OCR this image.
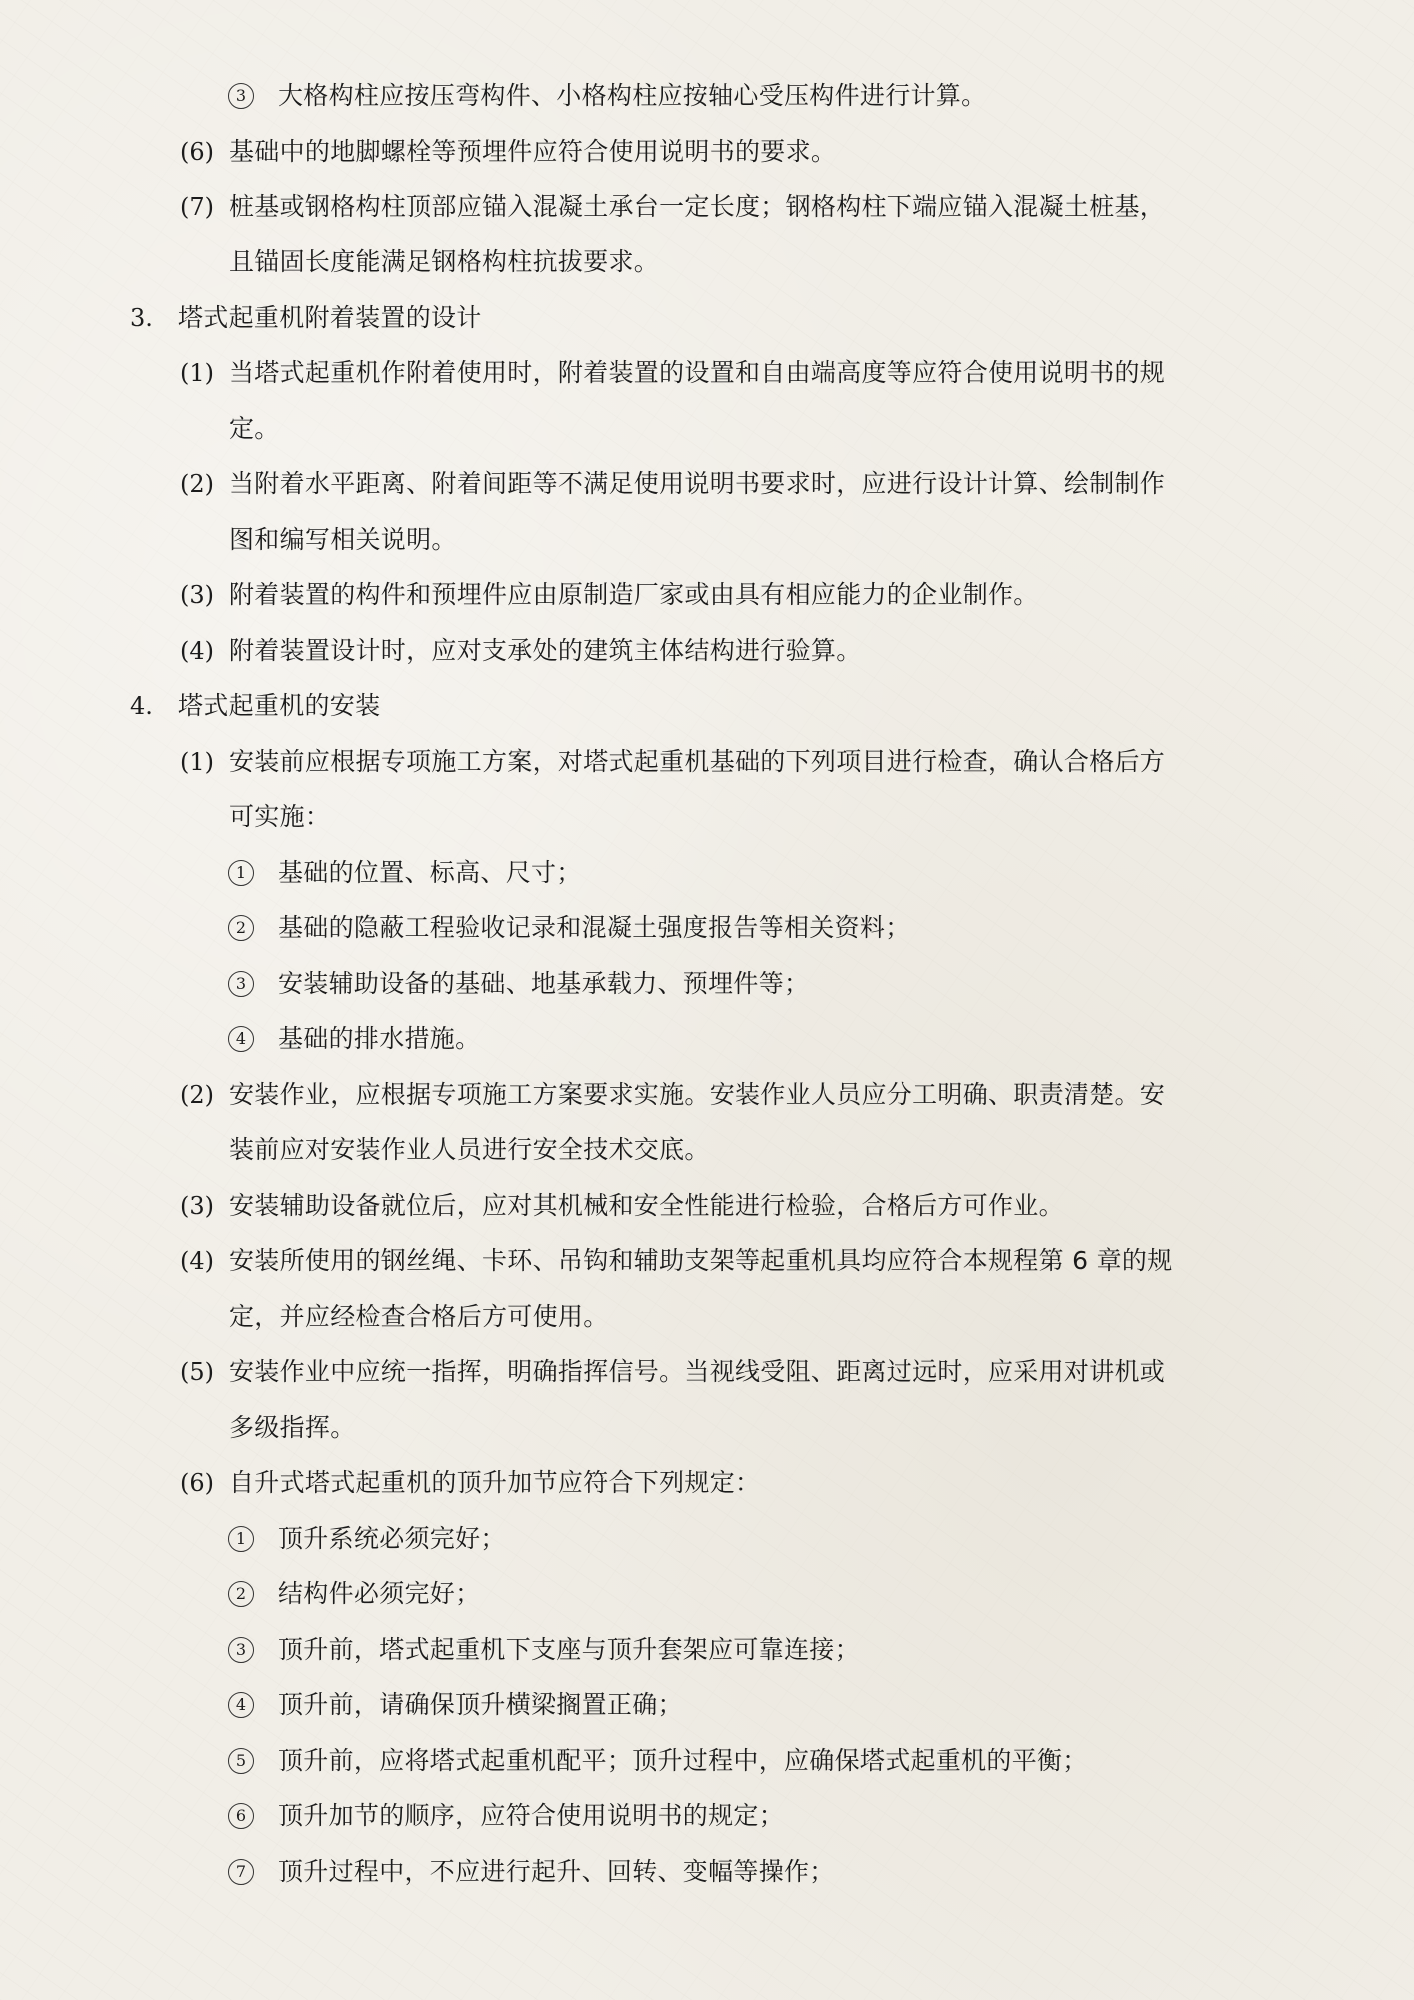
3	大格构柱应按压弯构件、小格构柱应按轴心受压构件进行计算。
(6) 基础中的地脚螺栓等预埋件应符合使用说明书的要求。
(7) 桩基或钢格构柱顶部应锚入混凝土承台一定长度；钢格构柱下端应锚入混凝土桩基，
且锚固长度能满足钢格构柱抗拔要求。
3. 塔式起重机附着装置的设计
(1) 当塔式起重机作附着使用时，附着装置的设置和自由端高度等应符合使用说明书的规
定。
(2) 当附着水平距离、附着间距等不满足使用说明书要求时，应进行设计计算、绘制制作
图和编写相关说明。
(3) 附着装置的构件和预埋件应由原制造厂家或由具有相应能力的企业制作。
(4) 附着装置设计时，应对支承处的建筑主体结构进行验算。
4. 塔式起重机的安装
(1) 安装前应根据专项施工方案，对塔式起重机基础的下列项目进行检查，确认合格后方
可实施：
1	基础的位置、标高、尺寸；
2	基础的隐蔽工程验收记录和混凝土强度报告等相关资料；
3	安装辅助设备的基础、地基承载力、预埋件等；
4	基础的排水措施。
(2) 安装作业，应根据专项施工方案要求实施。安装作业人员应分工明确、职责清楚。安
装前应对安装作业人员进行安全技术交底。
(3) 安装辅助设备就位后，应对其机械和安全性能进行检验，合格后方可作业。
(4) 安装所使用的钢丝绳、卡环、吊钩和辅助支架等起重机具均应符合本规程第 6 章的规
定，并应经检查合格后方可使用。
(5) 安装作业中应统一指挥，明确指挥信号。当视线受阻、距离过远时，应采用对讲机或
多级指挥。
(6) 自升式塔式起重机的顶升加节应符合下列规定：
1	顶升系统必须完好；
2	结构件必须完好；
3	顶升前，塔式起重机下支座与顶升套架应可靠连接；
4	顶升前，请确保顶升横梁搁置正确；
5	顶升前，应将塔式起重机配平；顶升过程中，应确保塔式起重机的平衡；
6	顶升加节的顺序，应符合使用说明书的规定；
7	顶升过程中，不应进行起升、回转、变幅等操作；
